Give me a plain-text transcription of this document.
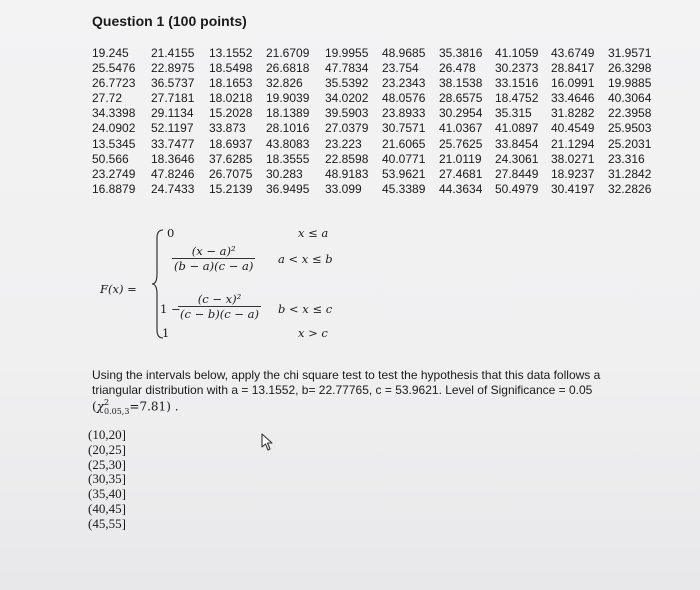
Question 1 (100 points)
19.245	21.4155	13.1552	21.6709	19.9955	48.9685	35.3816	41.1059	43.6749	31.9571
25.5476	22.8975	18.5498	26.6818	47.7834	23.754	26.478	30.2373	28.8417	26.3298
26.7723	36.5737	18.1653	32.826	35.5392	23.2343	38.1538	33.1516	16.0991	19.9885
27.72	27.7181	18.0218	19.9039	34.0202	48.0576	28.6575	18.4752	33.4646	40.3064
34.3398	29.1134	15.2028	18.1389	39.5903	23.8933	30.2954	35.315	31.8282	22.3958
24.0902	52.1197	33.873	28.1016	27.0379	30.7571	41.0367	41.0897	40.4549	25.9503
13.5345	33.7477	18.6937	43.8083	23.223	21.6065	25.7625	33.8454	21.1294	25.2031
50.566	18.3646	37.6285	18.3555	22.8598	40.0771	21.0119	24.3061	38.0271	23.316
23.2749	47.8246	26.7075	30.283	48.9183	53.9621	27.4681	27.8449	18.9237	31.2842
16.8879	24.7433	15.2139	36.9495	33.099	45.3389	44.3634	50.4979	30.4197	32.2826
F(x) =
0	x ≤ a
$\frac{\text{(x − a)²}}{(b - a)(c - a)}$ a < x ≤ b
1 −
$\frac{\text{(c − x)²}}{(c - b)(c - a)}$ b < x ≤ c
1	x > c
Using the intervals below, apply the chi square test to test the hypothesis that this data follows a
triangular distribution with a = 13.1552, b= 22.77765, c = 53.9621. Level of Significance = 0.05
(χ 2
0.05,3 =7.81) .
(10,20]
(20,25]
(25,30]
(30,35]
(35,40]
(40,45]
(45,55]
